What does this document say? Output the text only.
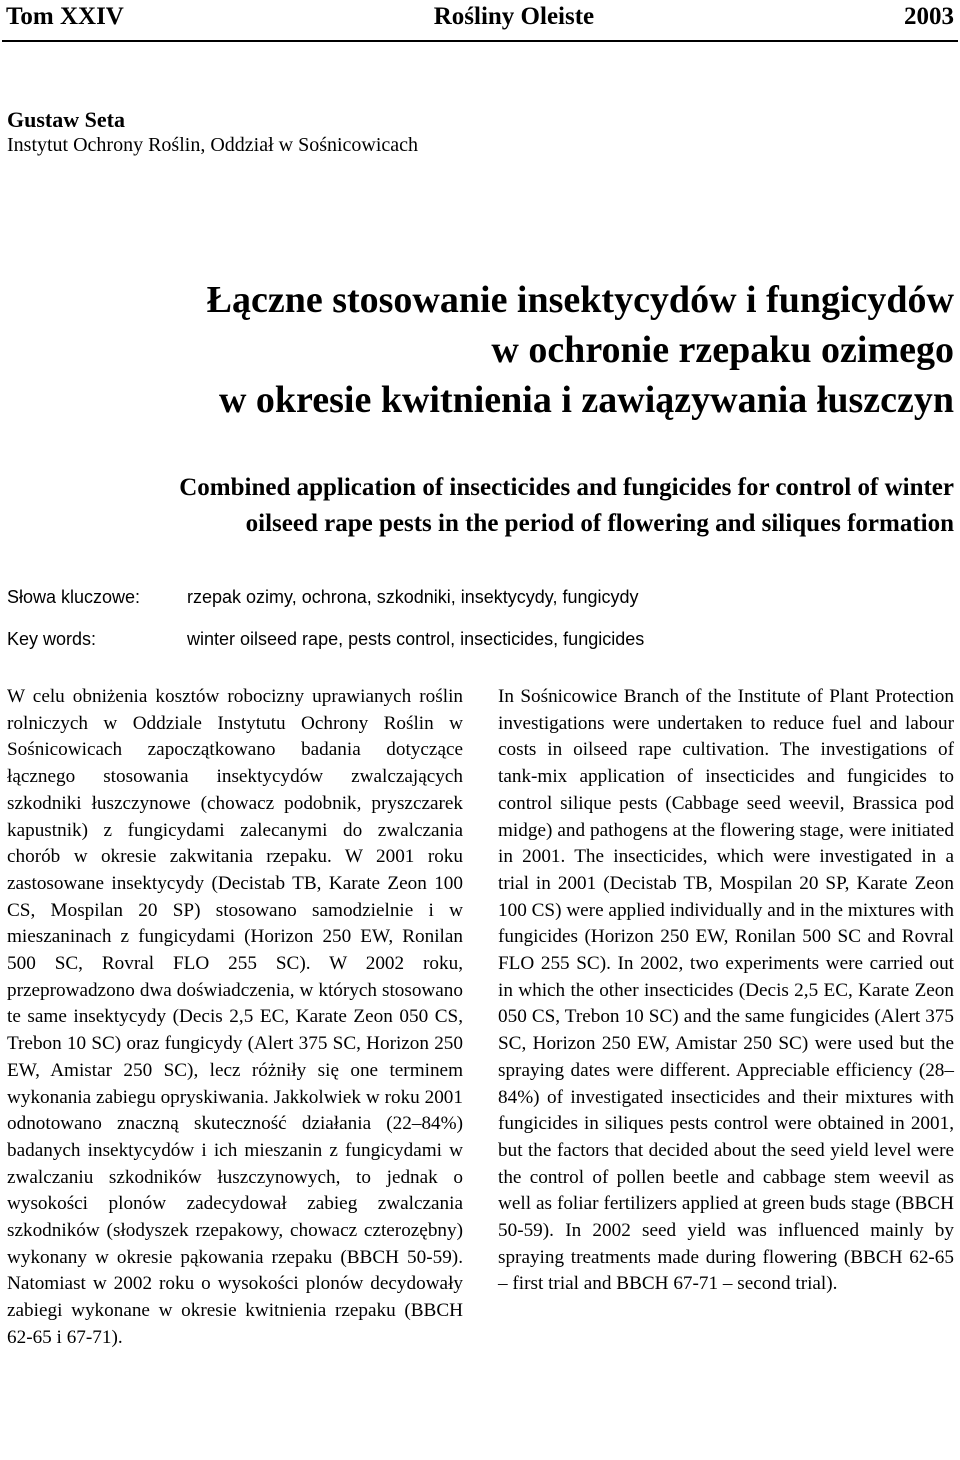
Tom XXIV	Rośliny Oleiste	2003
Gustaw Seta
Instytut Ochrony Roślin, Oddział w Sośnicowicach
Łączne stosowanie insektycydów i fungicydów
w ochronie rzepaku ozimego
w okresie kwitnienia i zawiązywania łuszczyn
Combined application of insecticides and fungicides for control of winter
oilseed rape pests in the period of flowering and siliques formation
Słowa kluczowe:	rzepak ozimy, ochrona, szkodniki, insektycydy, fungicydy
Key words:	winter oilseed rape, pests control, insecticides, fungicides

W celu obniżenia kosztów robocizny uprawianych roślin rolniczych w Oddziale Instytutu Ochrony Roślin w Sośnicowicach zapoczątkowano badania dotyczące łącznego stosowania insektycydów zwalczających szkodniki łuszczynowe (chowacz podobnik, pryszczarek kapustnik) z fungicydami zalecanymi do zwalczania chorób w okresie zakwitania rzepaku. W 2001 roku zastosowane insektycydy (Decistab TB, Karate Zeon 100 CS, Mospilan 20 SP) stosowano samodzielnie i w mieszaninach z fungicydami (Horizon 250 EW, Ronilan 500 SC, Rovral FLO 255 SC). W 2002 roku, przeprowadzono dwa doświadczenia, w których stosowano te same insektycydy (Decis 2,5 EC, Karate Zeon 050 CS, Trebon 10 SC) oraz fungicydy (Alert 375 SC, Horizon 250 EW, Amistar 250 SC), lecz różniły się one terminem wykonania zabiegu opryskiwania. Jakkolwiek w roku 2001 odnotowano znaczną skuteczność działania (22–84%) badanych insektycydów i ich mieszanin z fungicydami w zwalczaniu szkodników łuszczynowych, to jednak o wysokości plonów zadecydował zabieg zwalczania szkodników (słodyszek rzepakowy, chowacz czterozębny) wykonany w okresie pąkowania rzepaku (BBCH 50-59). Natomiast w 2002 roku o wysokości plonów decydowały zabiegi wykonane w okresie kwitnienia rzepaku (BBCH 62-65 i 67-71).

In Sośnicowice Branch of the Institute of Plant Protection investigations were undertaken to reduce fuel and labour costs in oilseed rape cultivation. The investigations of tank-mix application of insecticides and fungicides to control silique pests (Cabbage seed weevil, Brassica pod midge) and pathogens at the flowering stage, were initiated in 2001. The insecticides, which were investigated in a trial in 2001 (Decistab TB, Mospilan 20 SP, Karate Zeon 100 CS) were applied individually and in the mixtures with fungicides (Horizon 250 EW, Ronilan 500 SC and Rovral FLO 255 SC). In 2002, two experiments were carried out in which the other insecticides (Decis 2,5 EC, Karate Zeon 050 CS, Trebon 10 SC) and the same fungicides (Alert 375 SC, Horizon 250 EW, Amistar 250 SC) were used but the spraying dates were different. Appreciable efficiency (28–84%) of investigated insecticides and their mixtures with fungicides in siliques pests control were obtained in 2001, but the factors that decided about the seed yield level were the control of pollen beetle and cabbage stem weevil as well as foliar fertilizers applied at green buds stage (BBCH 50-59). In 2002 seed yield was influenced mainly by spraying treatments made during flowering (BBCH 62-65 – first trial and BBCH 67-71 – second trial).
